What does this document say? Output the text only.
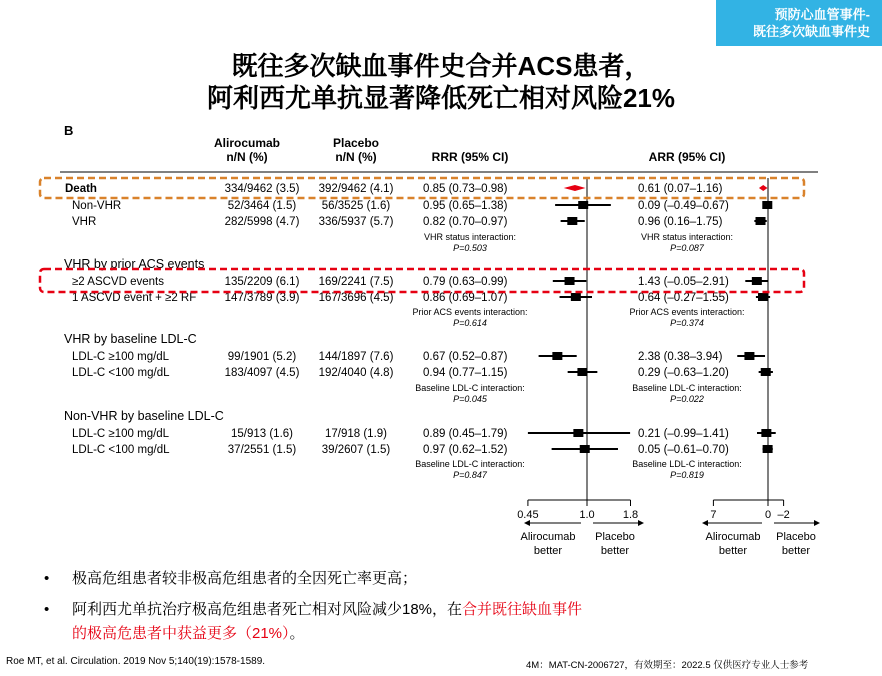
预防心血管事件-
既往多次缺血事件史
既往多次缺血事件史合并ACS患者，
阿利西尤单抗显著降低死亡相对风险21%
B
Alirocumab
n/N (%)
Placebo
n/N (%)	RRR (95% CI)	ARR (95% CI)
Death	334/9462 (3.5) 392/9462 (4.1)	0.85 (0.73–0.98)	0.61 (0.07–1.16)
Non-VHR	52/3464 (1.5) 56/3525 (1.6)	0.95 (0.65–1.38)	0.09 (–0.49–0.67)
VHR	282/5998 (4.7) 336/5937 (5.7)	0.82 (0.70–0.97)	0.96 (0.16–1.75)
≥2 ASCVD events	135/2209 (6.1) 169/2241 (7.5)	0.79 (0.63–0.99)	1.43 (–0.05–2.91)
1 ASCVD event + ≥2 RF 147/3789 (3.9) 167/3696 (4.5)	0.86 (0.69–1.07)	0.64 (–0.27–1.55)
LDL-C ≥100 mg/dL	99/1901 (5.2) 144/1897 (7.6)	0.67 (0.52–0.87)	2.38 (0.38–3.94)
LDL-C <100 mg/dL	183/4097 (4.5) 192/4040 (4.8)	0.94 (0.77–1.15)	0.29 (–0.63–1.20)
LDL-C ≥100 mg/dL	15/913 (1.6)	17/918 (1.9)	0.89 (0.45–1.79)	0.21 (–0.99–1.41)
LDL-C <100 mg/dL	37/2551 (1.5) 39/2607 (1.5)	0.97 (0.62–1.52)	0.05 (–0.61–0.70)
VHR by prior ACS events
VHR by baseline LDL-C
Non-VHR by baseline LDL-C
VHR status interaction:
P=0.503
VHR status interaction:
P=0.087
Prior ACS events interaction:
P=0.614
Prior ACS events interaction:
P=0.374
Baseline LDL-C interaction:
P=0.045
Baseline LDL-C interaction:
P=0.022
Baseline LDL-C interaction:
P=0.847
Baseline LDL-C interaction:
P=0.819
0.45	1.0	1.8
Alirocumab
better
Placebo
better
7	0 –2
Alirocumab
better
Placebo
better
• 极高危组患者较非极高危组患者的全因死亡率更高；
• 阿利西尤单抗治疗极高危组患者死亡相对风险减少18%，在合并既往缺血事件
的极高危患者中获益更多（21%）。
Roe MT, et al. Circulation. 2019 Nov 5;140(19):1578-1589.	4M：MAT-CN-2006727，有效期至：2022.5 仅供医疗专业人士参考
